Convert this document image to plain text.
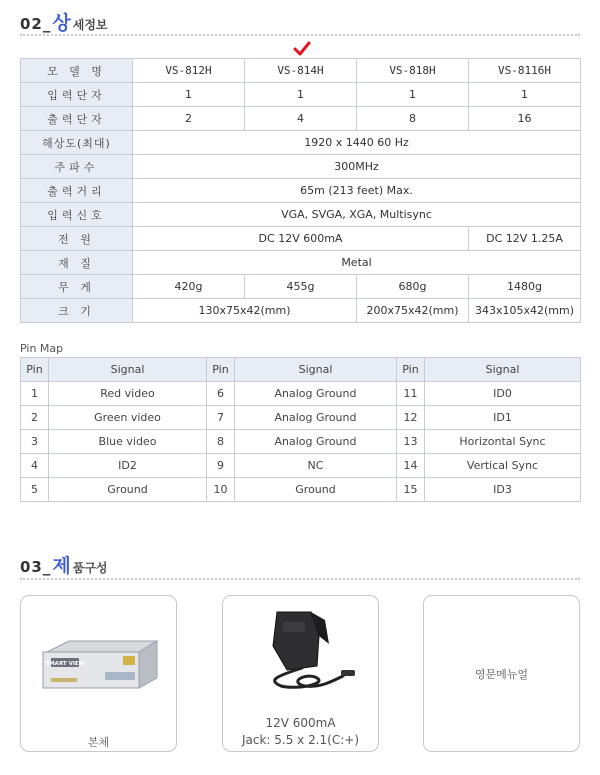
02_상 세정보
모 델 명	VS-812H	VS-814H	VS-818H	VS-8116H
입력단자	1	1	1	1
출력단자	2	4	8	16
해상도(최대)	1920 x 1440 60 Hz			
주파수	300MHz			
출력거리	65m (213 feet) Max.			
입력신호	VGA, SVGA, XGA, Multisync			
전 원	DC 12V 600mA			DC 12V 1.25A
재 질	Metal			
무 게	420g	455g	680g	1480g
크 기	130x75x42(mm)		200x75x42(mm)	343x105x42(mm)
Pin Map
Pin	Signal	Pin	Signal	Pin	Signal
1	Red video	6	Analog Ground	11	ID0
2	Green video	7	Analog Ground	12	ID1
3	Blue video	8	Analog Ground	13	Horizontal Sync
4	ID2	9	NC	14	Vertical Sync
5	Ground	10	Ground	15	ID3
03_제 품구성
SMART VIEW
본체
12V 600mA
Jack: 5.5 x 2.1(C:+)
영문메뉴얼
